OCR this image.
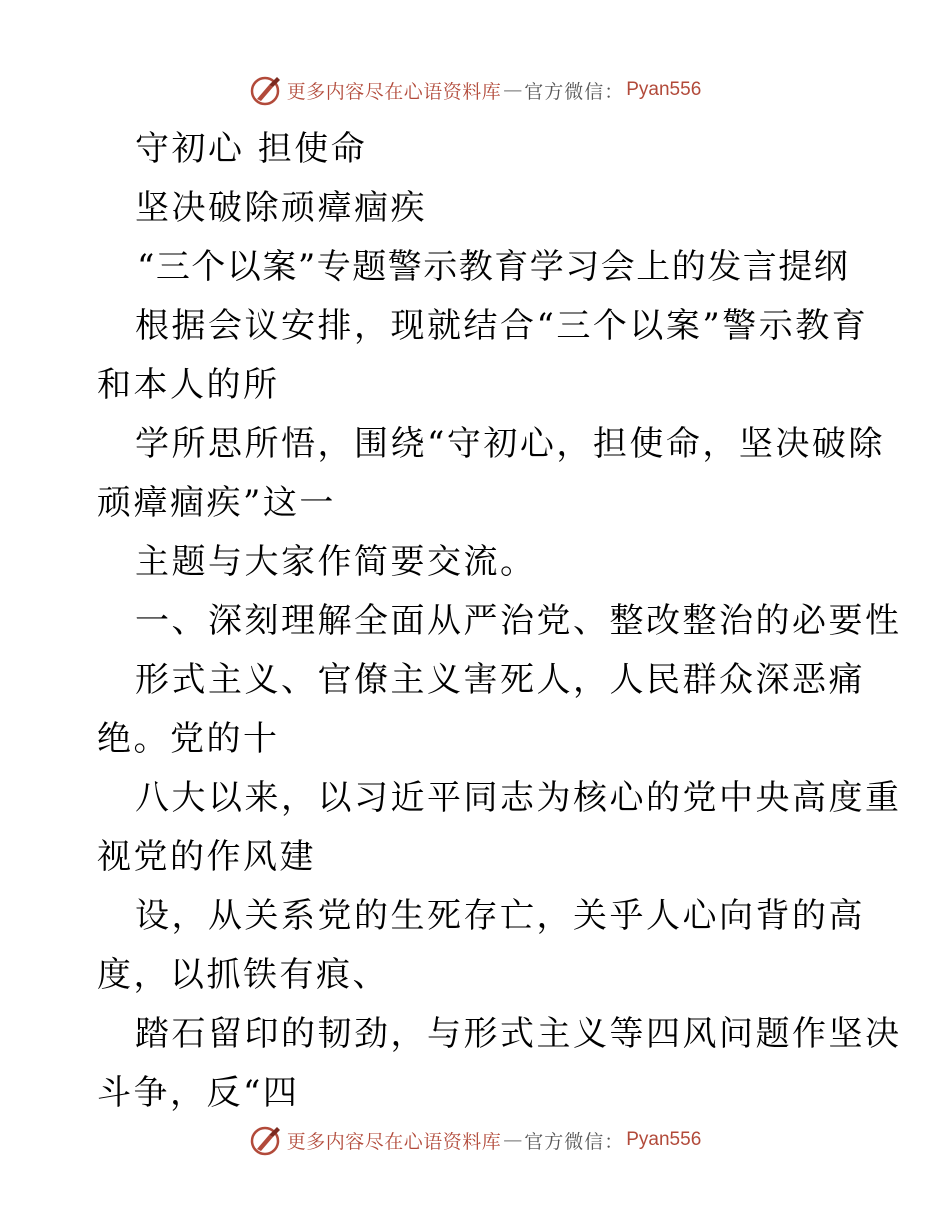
更多内容尽在心语资料库 — 官方微信： Pyan556
守初心 担使命
坚决破除顽瘴痼疾
“三个以案”专题警示教育学习会上的发言提纲
根据会议安排，现就结合“三个以案”警示教育
和本人的所
学所思所悟，围绕“守初心，担使命，坚决破除
顽瘴痼疾”这一
主题与大家作简要交流。
一、深刻理解全面从严治党、整改整治的必要性
形式主义、官僚主义害死人，人民群众深恶痛
绝。党的十
八大以来，以习近平同志为核心的党中央高度重
视党的作风建
设，从关系党的生死存亡，关乎人心向背的高
度，以抓铁有痕、
踏石留印的韧劲，与形式主义等四风问题作坚决
斗争，反“四
更多内容尽在心语资料库 — 官方微信： Pyan556
